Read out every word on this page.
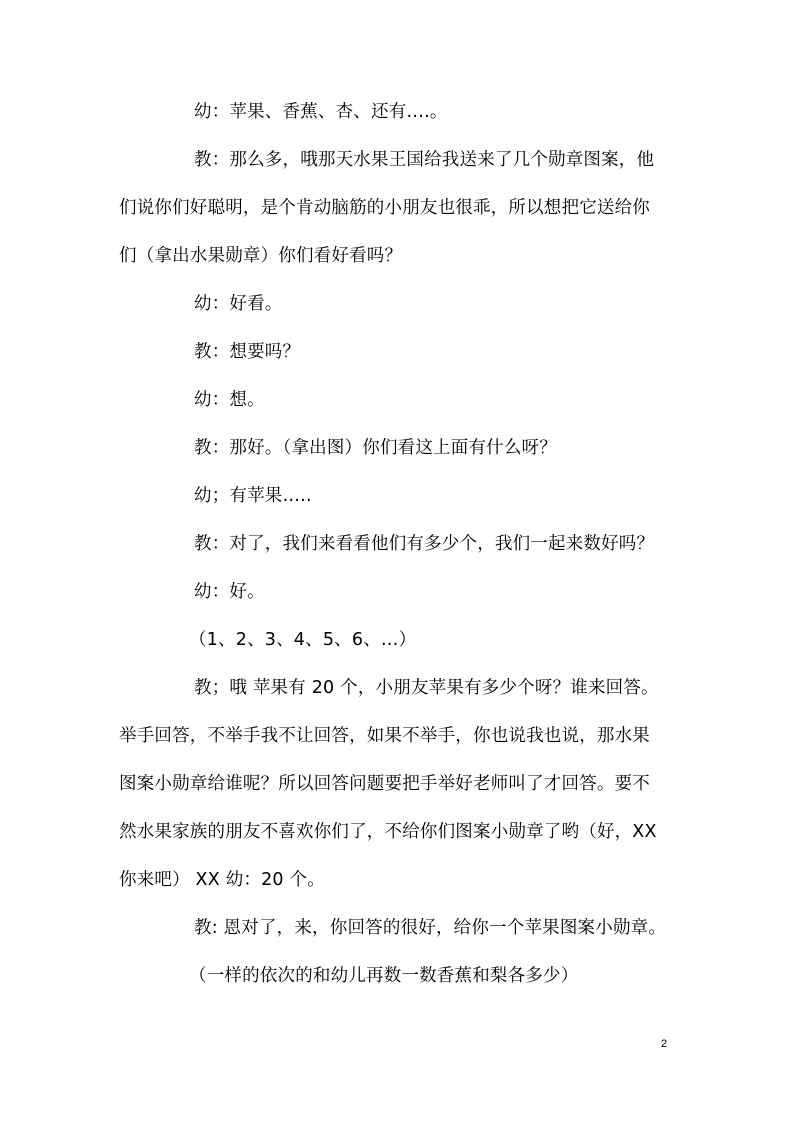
幼：苹果、香蕉、杏、还有….。

教：那么多，哦那天水果王国给我送来了几个勋章图案，他

们说你们好聪明，是个肯动脑筋的小朋友也很乖，所以想把它送给你

们（拿出水果勋章）你们看好看吗？

幼：好看。

教：想要吗？

幼：想。

教：那好。（拿出图）你们看这上面有什么呀？

幼；有苹果…..

教：对了，我们来看看他们有多少个，我们一起来数好吗？

幼：好。

（1、2、3、4、5、6、…）

教；哦 苹果有 20 个，小朋友苹果有多少个呀？谁来回答。

举手回答，不举手我不让回答，如果不举手，你也说我也说，那水果

图案小勋章给谁呢？所以回答问题要把手举好老师叫了才回答。要不

然水果家族的朋友不喜欢你们了，不给你们图案小勋章了哟（好，XX

你来吧） XX 幼：20 个。

教: 恩对了，来，你回答的很好，给你一个苹果图案小勋章。

（一样的依次的和幼儿再数一数香蕉和梨各多少）

2
